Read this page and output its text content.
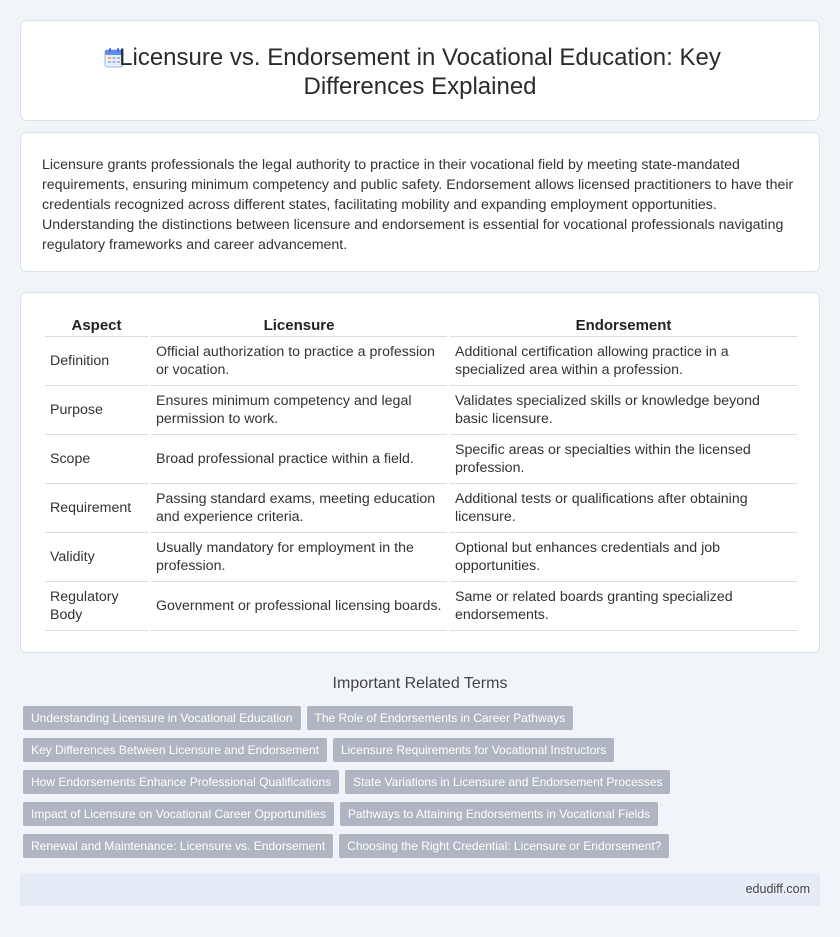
Licensure vs. Endorsement in Vocational Education: Key Differences Explained

Licensure grants professionals the legal authority to practice in their vocational field by meeting state-mandated requirements, ensuring minimum competency and public safety. Endorsement allows licensed practitioners to have their credentials recognized across different states, facilitating mobility and expanding employment opportunities. Understanding the distinctions between licensure and endorsement is essential for vocational professionals navigating regulatory frameworks and career advancement.

Aspect	Licensure	Endorsement
Definition	Official authorization to practice a profession or vocation.	Additional certification allowing practice in a specialized area within a profession.
Purpose	Ensures minimum competency and legal permission to work.	Validates specialized skills or knowledge beyond basic licensure.
Scope	Broad professional practice within a field.	Specific areas or specialties within the licensed profession.
Requirement	Passing standard exams, meeting education and experience criteria.	Additional tests or qualifications after obtaining licensure.
Validity	Usually mandatory for employment in the profession.	Optional but enhances credentials and job opportunities.
Regulatory Body	Government or professional licensing boards.	Same or related boards granting specialized endorsements.
Important Related Terms
Understanding Licensure in Vocational Education The Role of Endorsements in Career Pathways
Key Differences Between Licensure and Endorsement Licensure Requirements for Vocational Instructors
How Endorsements Enhance Professional Qualifications State Variations in Licensure and Endorsement Processes
Impact of Licensure on Vocational Career Opportunities Pathways to Attaining Endorsements in Vocational Fields
Renewal and Maintenance: Licensure vs. Endorsement Choosing the Right Credential: Licensure or Endorsement?
edudiff.com
